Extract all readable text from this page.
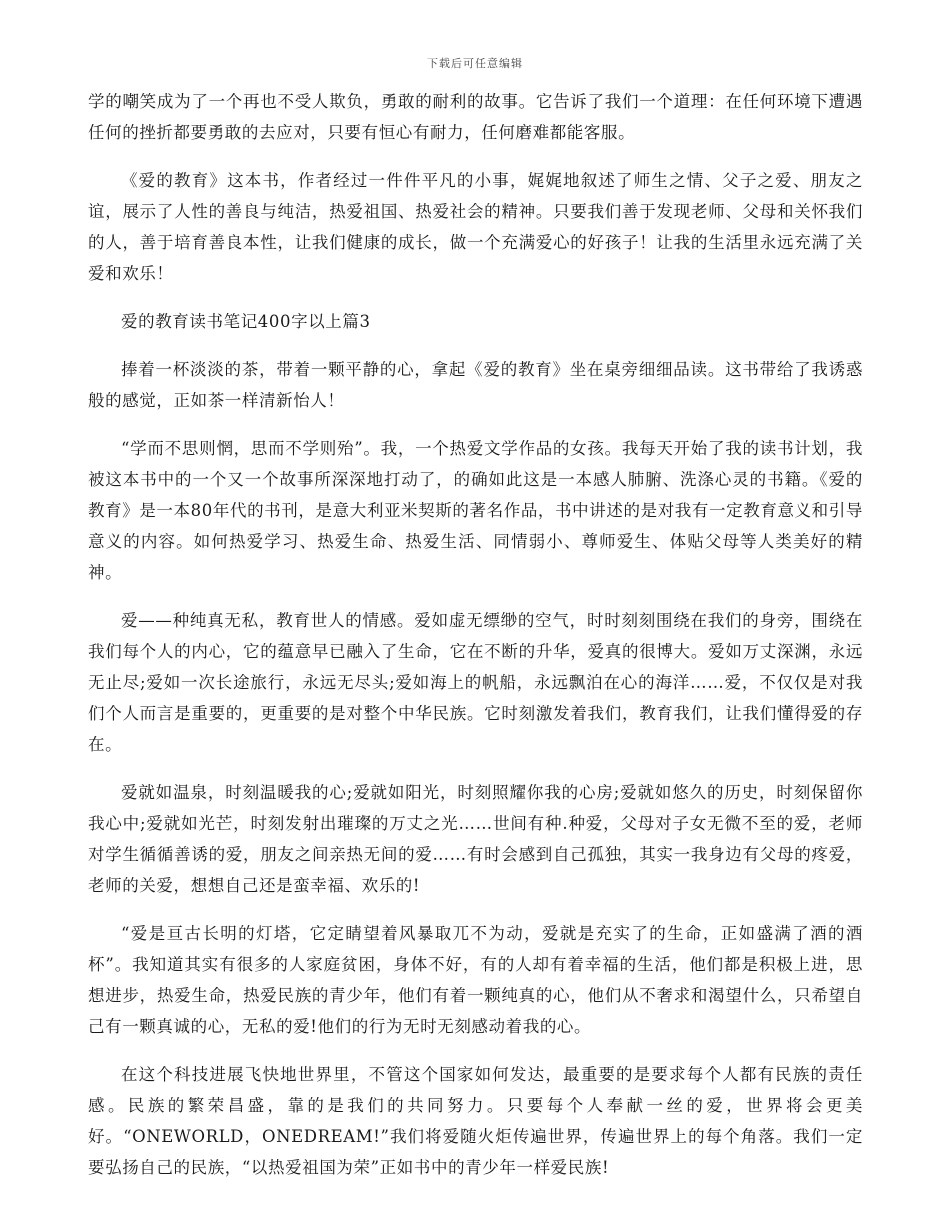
下载后可任意编辑

学的嘲笑成为了一个再也不受人欺负，勇敢的耐利的故事。它告诉了我们一个道理：在任何环境下遭遇任何的挫折都要勇敢的去应对，只要有恒心有耐力，任何磨难都能客服。

《爱的教育》这本书，作者经过一件件平凡的小事，娓娓地叙述了师生之情、父子之爱、朋友之谊，展示了人性的善良与纯洁，热爱祖国、热爱社会的精神。只要我们善于发现老师、父母和关怀我们的人，善于培育善良本性，让我们健康的成长，做一个充满爱心的好孩子！让我的生活里永远充满了关爱和欢乐！

爱的教育读书笔记400字以上篇3

捧着一杯淡淡的茶，带着一颗平静的心，拿起《爱的教育》坐在桌旁细细品读。这书带给了我诱惑般的感觉，正如茶一样清新怡人！

“学而不思则惘，思而不学则殆”。我，一个热爱文学作品的女孩。我每天开始了我的读书计划，我被这本书中的一个又一个故事所深深地打动了，的确如此这是一本感人肺腑、洗涤心灵的书籍。《爱的教育》是一本80年代的书刊，是意大利亚米契斯的著名作品，书中讲述的是对我有一定教育意义和引导意义的内容。如何热爱学习、热爱生命、热爱生活、同情弱小、尊师爱生、体贴父母等人类美好的精神。

爱——种纯真无私，教育世人的情感。爱如虚无缥缈的空气，时时刻刻围绕在我们的身旁，围绕在我们每个人的内心，它的蕴意早已融入了生命，它在不断的升华，爱真的很博大。爱如万丈深渊，永远无止尽;爱如一次长途旅行，永远无尽头;爱如海上的帆船，永远飘泊在心的海洋……爱，不仅仅是对我们个人而言是重要的，更重要的是对整个中华民族。它时刻激发着我们，教育我们，让我们懂得爱的存在。

爱就如温泉，时刻温暖我的心;爱就如阳光，时刻照耀你我的心房;爱就如悠久的历史，时刻保留你我心中;爱就如光芒，时刻发射出璀璨的万丈之光……世间有种.种爱，父母对子女无微不至的爱，老师对学生循循善诱的爱，朋友之间亲热无间的爱……有时会感到自己孤独，其实一我身边有父母的疼爱，老师的关爱，想想自己还是蛮幸福、欢乐的!

“爱是亘古长明的灯塔，它定睛望着风暴取兀不为动，爱就是充实了的生命，正如盛满了酒的酒杯”。我知道其实有很多的人家庭贫困，身体不好，有的人却有着幸福的生活，他们都是积极上进，思想进步，热爱生命，热爱民族的青少年，他们有着一颗纯真的心，他们从不奢求和渴望什么，只希望自己有一颗真诚的心，无私的爱!他们的行为无时无刻感动着我的心。

在这个科技进展飞快地世界里，不管这个国家如何发达，最重要的是要求每个人都有民族的责任感。民族的繁荣昌盛，靠的是我们的共同努力。只要每个人奉献一丝的爱，世界将会更美好。“ONEWORLD，ONEDREAM!”我们将爱随火炬传遍世界，传遍世界上的每个角落。我们一定要弘扬自己的民族，“以热爱祖国为荣”正如书中的青少年一样爱民族!
